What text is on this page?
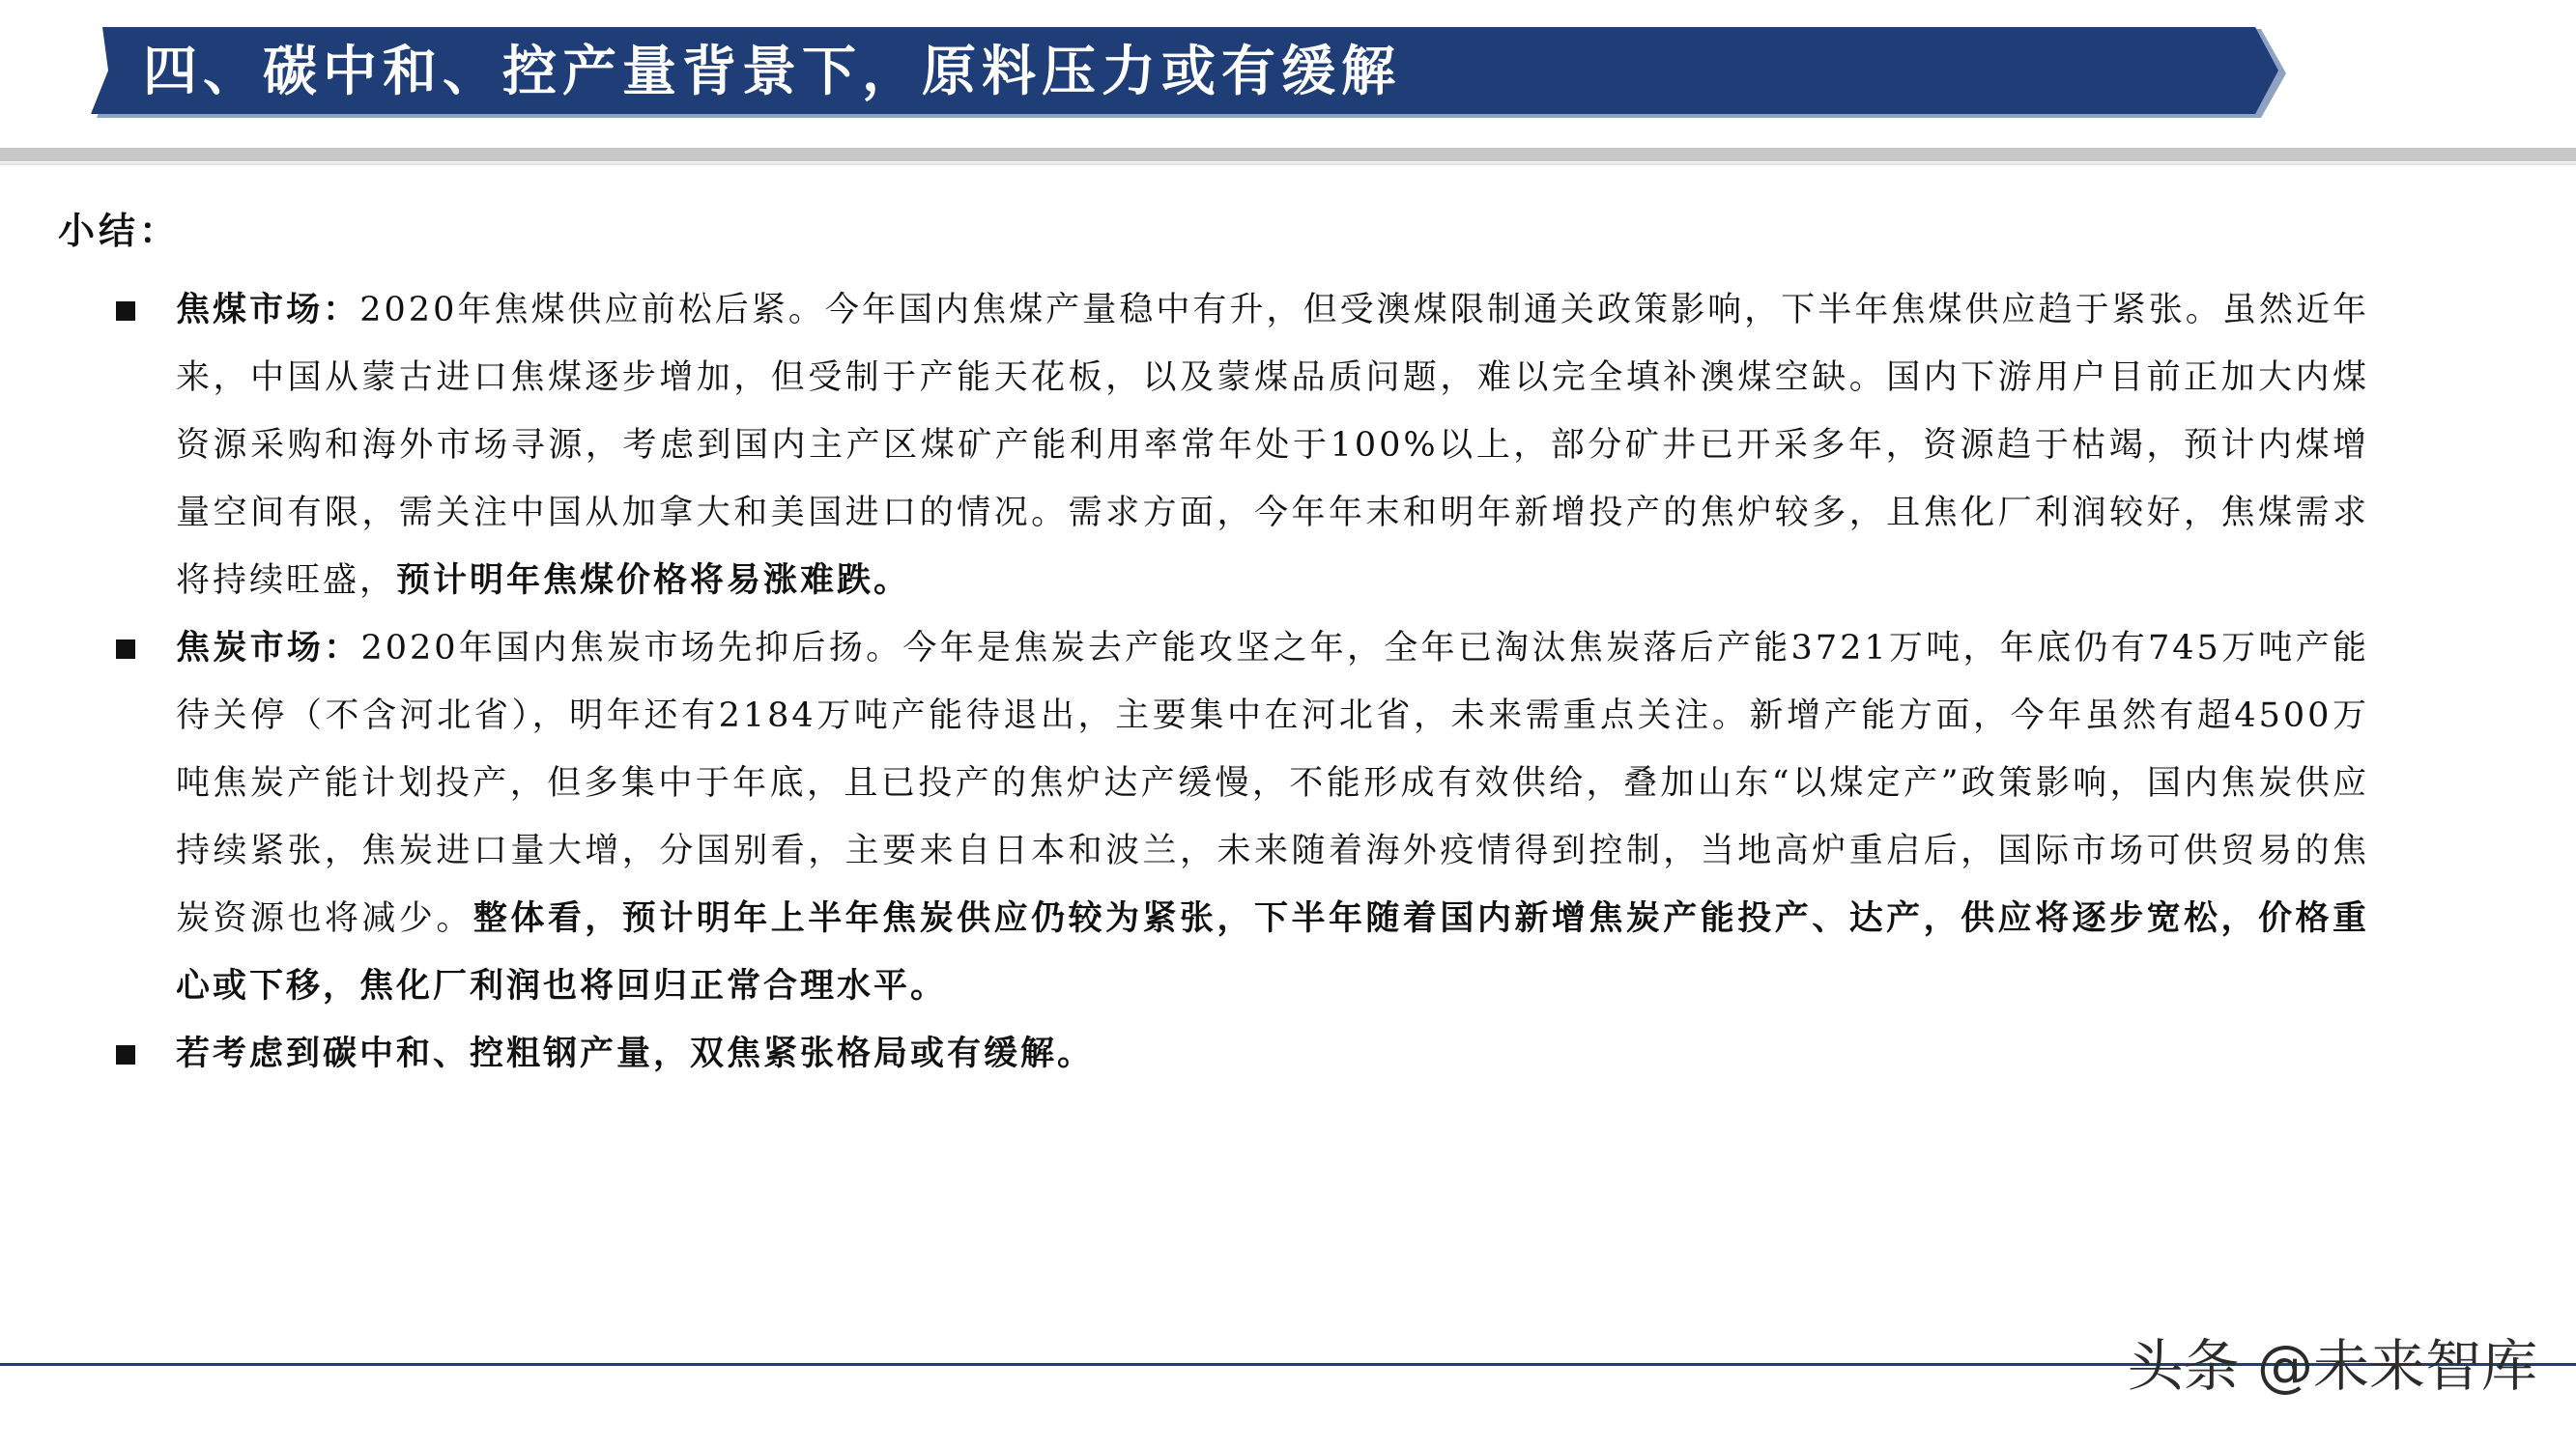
四、碳中和、控产量背景下，原料压力或有缓解
小结：
焦煤市场：2020年焦煤供应前松后紧。今年国内焦煤产量稳中有升，但受澳煤限制通关政策影响，下半年焦煤供应趋于紧张。虽然近年来，中国从蒙古进口焦煤逐步增加，但受制于产能天花板，以及蒙煤品质问题，难以完全填补澳煤空缺。国内下游用户目前正加大内煤资源采购和海外市场寻源，考虑到国内主产区煤矿产能利用率常年处于100%以上，部分矿井已开采多年，资源趋于枯竭，预计内煤增量空间有限，需关注中国从加拿大和美国进口的情况。需求方面，今年年末和明年新增投产的焦炉较多，且焦化厂利润较好，焦煤需求将持续旺盛，预计明年焦煤价格将易涨难跌。
焦炭市场：2020年国内焦炭市场先抑后扬。今年是焦炭去产能攻坚之年，全年已淘汰焦炭落后产能3721万吨，年底仍有745万吨产能待关停（不含河北省），明年还有2184万吨产能待退出，主要集中在河北省，未来需重点关注。新增产能方面，今年虽然有超4500万吨焦炭产能计划投产，但多集中于年底，且已投产的焦炉达产缓慢，不能形成有效供给，叠加山东“以煤定产”政策影响，国内焦炭供应持续紧张，焦炭进口量大增，分国别看，主要来自日本和波兰，未来随着海外疫情得到控制，当地高炉重启后，国际市场可供贸易的焦炭资源也将减少。整体看，预计明年上半年焦炭供应仍较为紧张，下半年随着国内新增焦炭产能投产、达产，供应将逐步宽松，价格重心或下移，焦化厂利润也将回归正常合理水平。
若考虑到碳中和、控粗钢产量，双焦紧张格局或有缓解。
头条 @未来智库
